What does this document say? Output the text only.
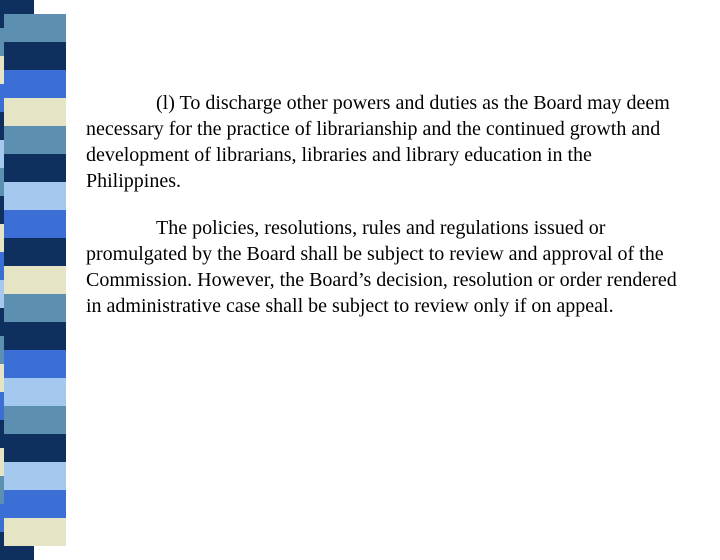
(l) To discharge other powers and duties as the Board may deem necessary for the practice of librarianship and the continued growth and development of librarians, libraries and library education in the Philippines.

The policies, resolutions, rules and regulations issued or promulgated by the Board shall be subject to review and approval of the Commission. However, the Board’s decision, resolution or order rendered in administrative case shall be subject to review only if on appeal.
